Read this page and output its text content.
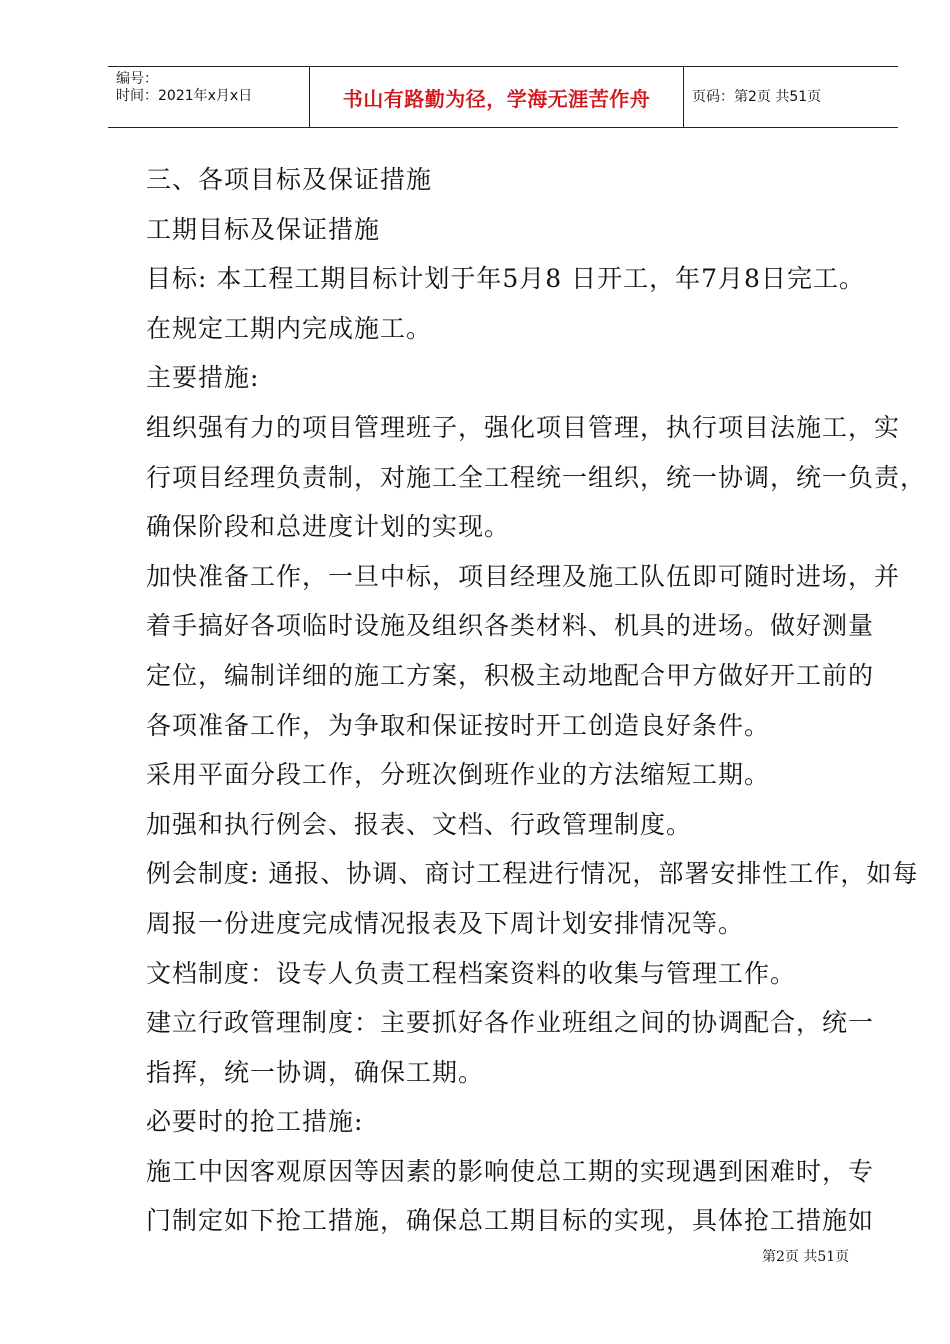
编号：
时间：2021年x月x日	书山有路勤为径，学海无涯苦作舟	页码：第2页 共51页

三、各项目标及保证措施

工期目标及保证措施

目标: 本工程工期目标计划于年5月8 日开工，年7月8日完工。

在规定工期内完成施工。

主要措施:

组织强有力的项目管理班子，强化项目管理，执行项目法施工，实

行项目经理负责制，对施工全工程统一组织，统一协调，统一负责，

确保阶段和总进度计划的实现。

加快准备工作，一旦中标，项目经理及施工队伍即可随时进场，并

着手搞好各项临时设施及组织各类材料、机具的进场。做好测量

定位，编制详细的施工方案，积极主动地配合甲方做好开工前的

各项准备工作，为争取和保证按时开工创造良好条件。

采用平面分段工作，分班次倒班作业的方法缩短工期。

加强和执行例会、报表、文档、行政管理制度。

例会制度: 通报、协调、商讨工程进行情况，部署安排性工作，如每

周报一份进度完成情况报表及下周计划安排情况等。

文档制度：设专人负责工程档案资料的收集与管理工作。

建立行政管理制度：主要抓好各作业班组之间的协调配合，统一

指挥，统一协调，确保工期。

必要时的抢工措施:

施工中因客观原因等因素的影响使总工期的实现遇到困难时，专

门制定如下抢工措施，确保总工期目标的实现，具体抢工措施如

第2页 共51页
